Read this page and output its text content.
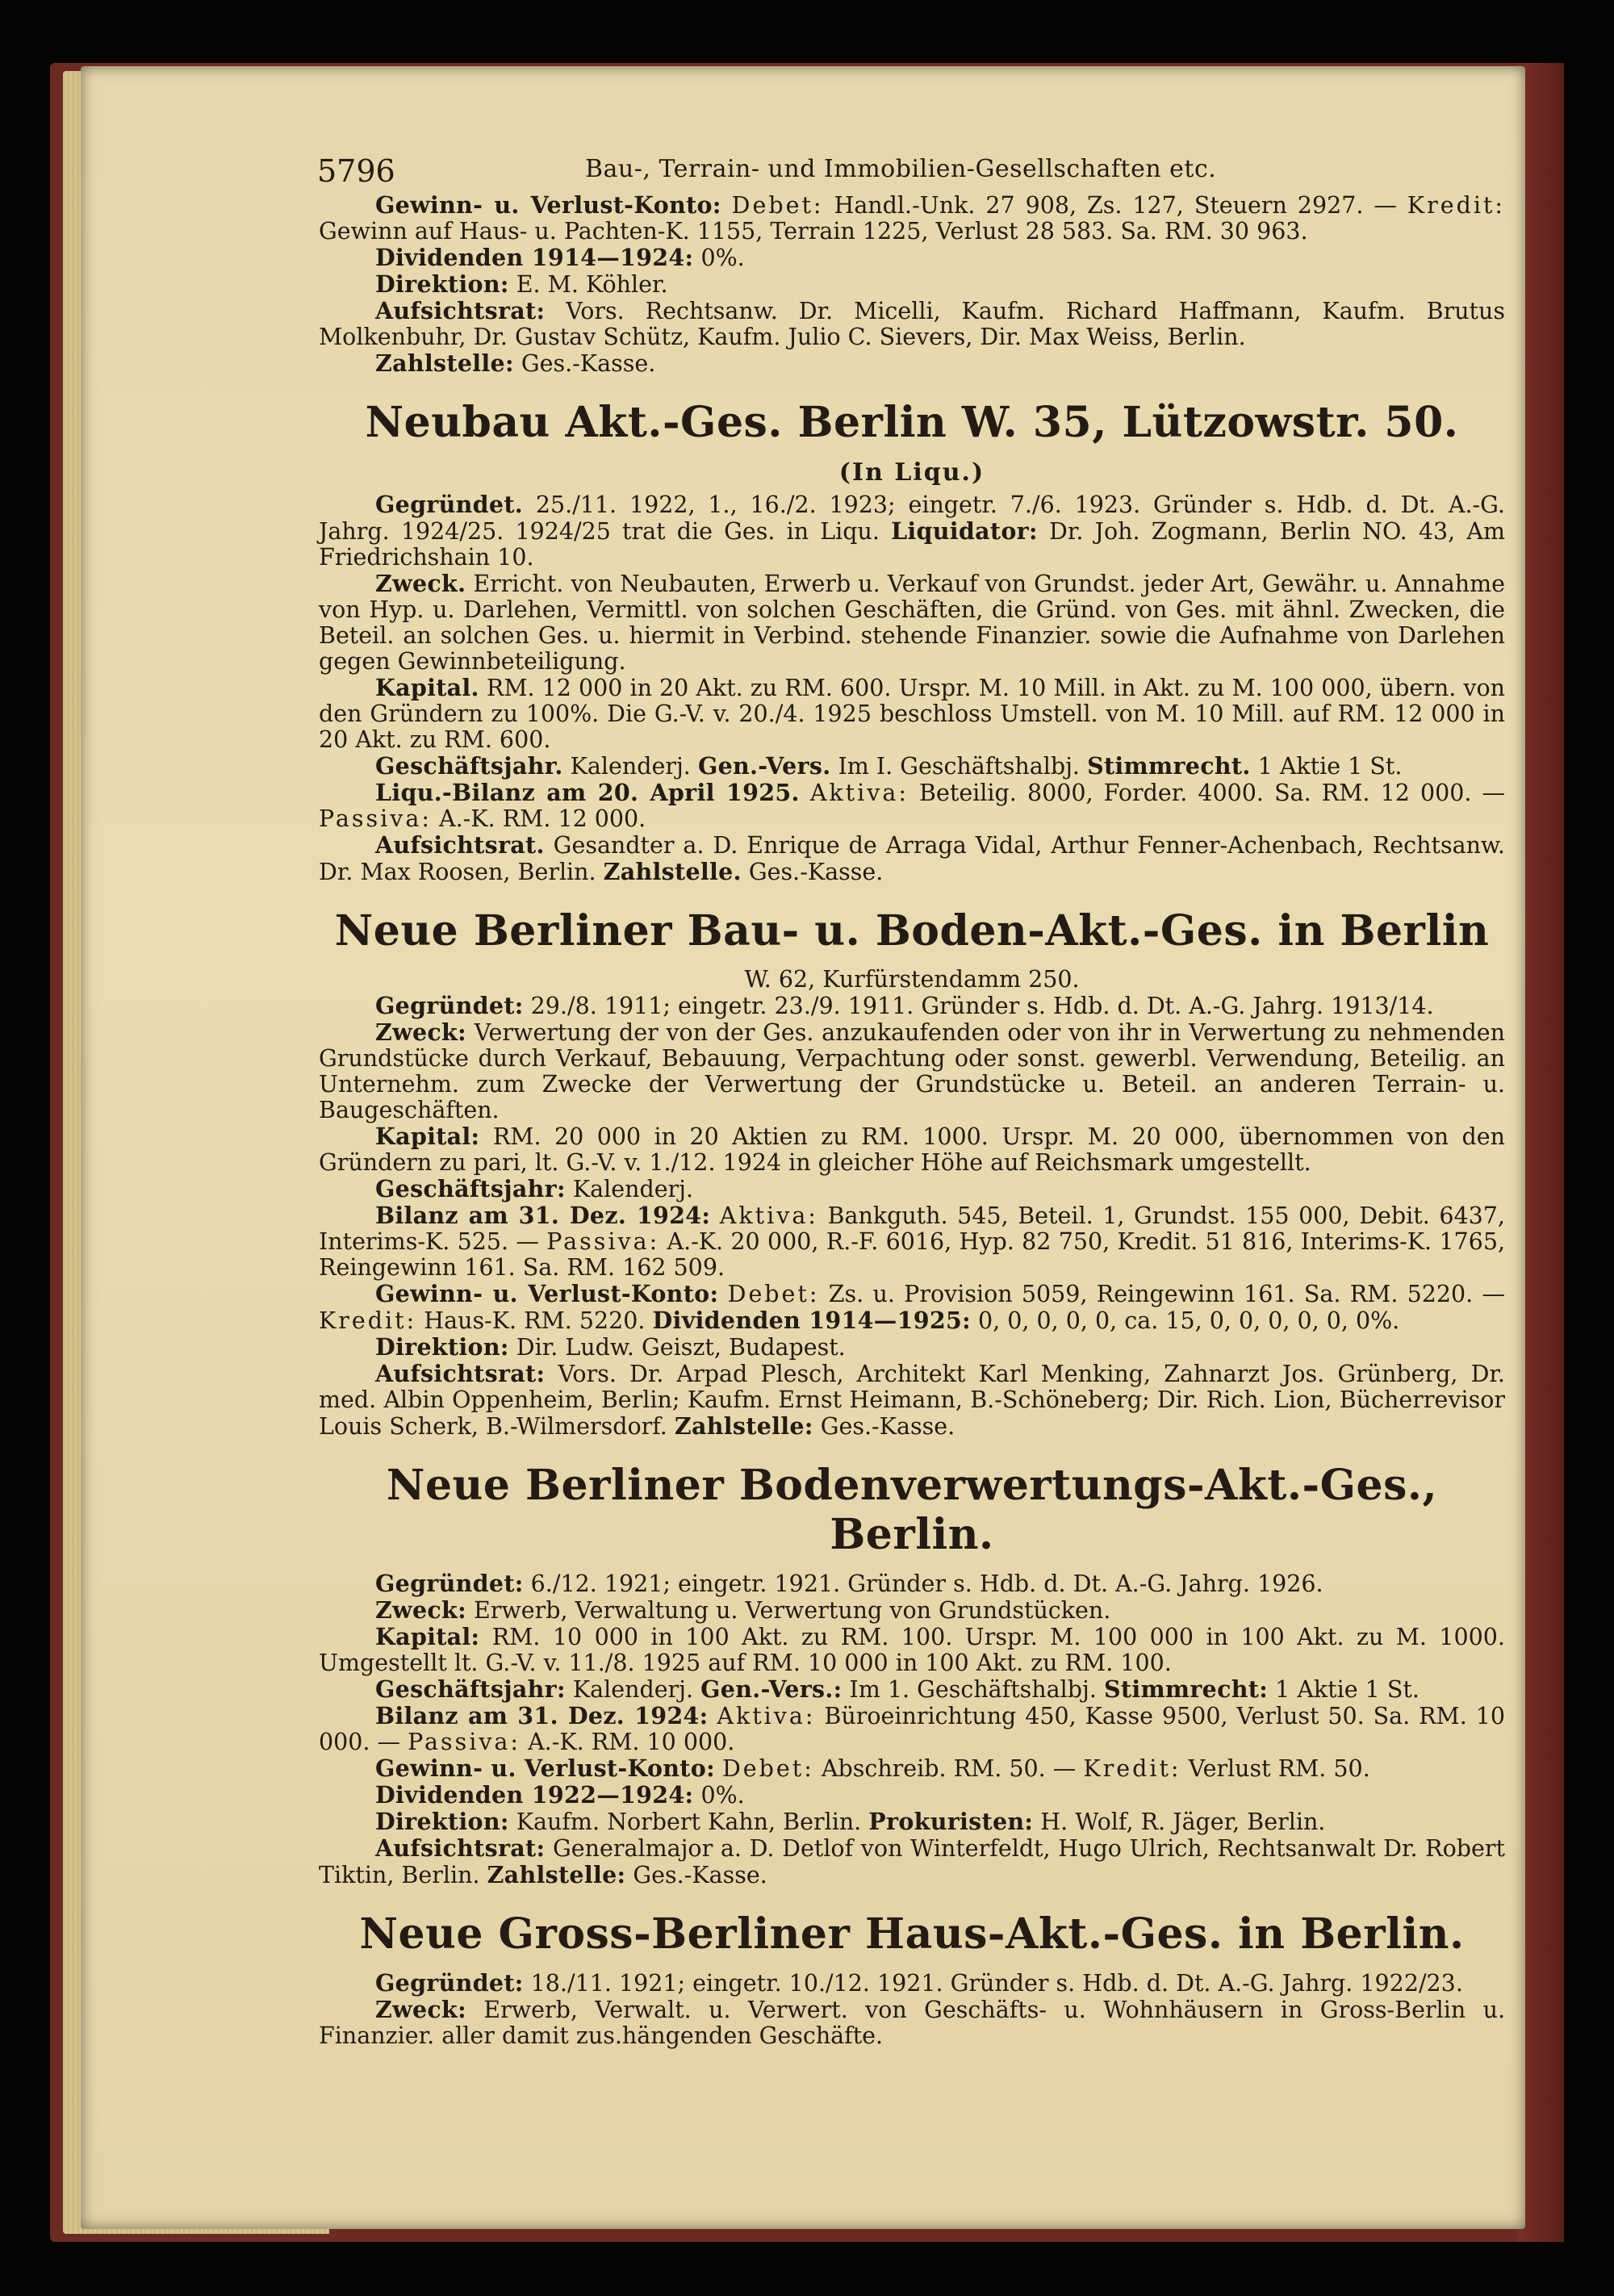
5796	Bau-, Terrain- und Immobilien-Gesellschaften etc.

Gewinn- u. Verlust-Konto: Debet: Handl.-Unk. 27 908, Zs. 127, Steuern 2927. — Kredit: Gewinn auf Haus- u. Pachten-K. 1155, Terrain 1225, Verlust 28 583. Sa. RM. 30 963.

Dividenden 1914—1924: 0%.

Direktion: E. M. Köhler.

Aufsichtsrat: Vors. Rechtsanw. Dr. Micelli, Kaufm. Richard Haffmann, Kaufm. Brutus Molkenbuhr, Dr. Gustav Schütz, Kaufm. Julio C. Sievers, Dir. Max Weiss, Berlin.

Zahlstelle: Ges.-Kasse.

Neubau Akt.-Ges. Berlin W. 35, Lützowstr. 50.
(In Liqu.)

Gegründet. 25./11. 1922, 1., 16./2. 1923; eingetr. 7./6. 1923. Gründer s. Hdb. d. Dt. A.-G. Jahrg. 1924/25. 1924/25 trat die Ges. in Liqu. Liquidator: Dr. Joh. Zogmann, Berlin NO. 43, Am Friedrichshain 10.

Zweck. Erricht. von Neubauten, Erwerb u. Verkauf von Grundst. jeder Art, Gewähr. u. Annahme von Hyp. u. Darlehen, Vermittl. von solchen Geschäften, die Gründ. von Ges. mit ähnl. Zwecken, die Beteil. an solchen Ges. u. hiermit in Verbind. stehende Finanzier. sowie die Aufnahme von Darlehen gegen Gewinnbeteiligung.

Kapital. RM. 12 000 in 20 Akt. zu RM. 600. Urspr. M. 10 Mill. in Akt. zu M. 100 000, übern. von den Gründern zu 100%. Die G.-V. v. 20./4. 1925 beschloss Umstell. von M. 10 Mill. auf RM. 12 000 in 20 Akt. zu RM. 600.

Geschäftsjahr. Kalenderj. Gen.-Vers. Im I. Geschäftshalbj. Stimmrecht. 1 Aktie 1 St.

Liqu.-Bilanz am 20. April 1925. Aktiva: Beteilig. 8000, Forder. 4000. Sa. RM. 12 000. — Passiva: A.-K. RM. 12 000.

Aufsichtsrat. Gesandter a. D. Enrique de Arraga Vidal, Arthur Fenner-Achenbach, Rechtsanw. Dr. Max Roosen, Berlin. Zahlstelle. Ges.-Kasse.

Neue Berliner Bau- u. Boden-Akt.-Ges. in Berlin

W. 62, Kurfürstendamm 250.

Gegründet: 29./8. 1911; eingetr. 23./9. 1911. Gründer s. Hdb. d. Dt. A.-G. Jahrg. 1913/14.

Zweck: Verwertung der von der Ges. anzukaufenden oder von ihr in Verwertung zu nehmenden Grundstücke durch Verkauf, Bebauung, Verpachtung oder sonst. gewerbl. Verwendung, Beteilig. an Unternehm. zum Zwecke der Verwertung der Grundstücke u. Beteil. an anderen Terrain- u. Baugeschäften.

Kapital: RM. 20 000 in 20 Aktien zu RM. 1000. Urspr. M. 20 000, übernommen von den Gründern zu pari, lt. G.-V. v. 1./12. 1924 in gleicher Höhe auf Reichsmark umgestellt.

Geschäftsjahr: Kalenderj.

Bilanz am 31. Dez. 1924: Aktiva: Bankguth. 545, Beteil. 1, Grundst. 155 000, Debit. 6437, Interims-K. 525. — Passiva: A.-K. 20 000, R.-F. 6016, Hyp. 82 750, Kredit. 51 816, Interims-K. 1765, Reingewinn 161. Sa. RM. 162 509.

Gewinn- u. Verlust-Konto: Debet: Zs. u. Provision 5059, Reingewinn 161. Sa. RM. 5220. — Kredit: Haus-K. RM. 5220. Dividenden 1914—1925: 0, 0, 0, 0, 0, ca. 15, 0, 0, 0, 0, 0, 0%.

Direktion: Dir. Ludw. Geiszt, Budapest.

Aufsichtsrat: Vors. Dr. Arpad Plesch, Architekt Karl Menking, Zahnarzt Jos. Grünberg, Dr. med. Albin Oppenheim, Berlin; Kaufm. Ernst Heimann, B.-Schöneberg; Dir. Rich. Lion, Bücherrevisor Louis Scherk, B.-Wilmersdorf. Zahlstelle: Ges.-Kasse.

Neue Berliner Bodenverwertungs-Akt.-Ges., Berlin.

Gegründet: 6./12. 1921; eingetr. 1921. Gründer s. Hdb. d. Dt. A.-G. Jahrg. 1926.

Zweck: Erwerb, Verwaltung u. Verwertung von Grundstücken.

Kapital: RM. 10 000 in 100 Akt. zu RM. 100. Urspr. M. 100 000 in 100 Akt. zu M. 1000. Umgestellt lt. G.-V. v. 11./8. 1925 auf RM. 10 000 in 100 Akt. zu RM. 100.

Geschäftsjahr: Kalenderj. Gen.-Vers.: Im 1. Geschäftshalbj. Stimmrecht: 1 Aktie 1 St.

Bilanz am 31. Dez. 1924: Aktiva: Büroeinrichtung 450, Kasse 9500, Verlust 50. Sa. RM. 10 000. — Passiva: A.-K. RM. 10 000.

Gewinn- u. Verlust-Konto: Debet: Abschreib. RM. 50. — Kredit: Verlust RM. 50.

Dividenden 1922—1924: 0%.

Direktion: Kaufm. Norbert Kahn, Berlin. Prokuristen: H. Wolf, R. Jäger, Berlin.

Aufsichtsrat: Generalmajor a. D. Detlof von Winterfeldt, Hugo Ulrich, Rechtsanwalt Dr. Robert Tiktin, Berlin. Zahlstelle: Ges.-Kasse.

Neue Gross-Berliner Haus-Akt.-Ges. in Berlin.

Gegründet: 18./11. 1921; eingetr. 10./12. 1921. Gründer s. Hdb. d. Dt. A.-G. Jahrg. 1922/23.

Zweck: Erwerb, Verwalt. u. Verwert. von Geschäfts- u. Wohnhäusern in Gross-Berlin u. Finanzier. aller damit zus.hängenden Geschäfte.
